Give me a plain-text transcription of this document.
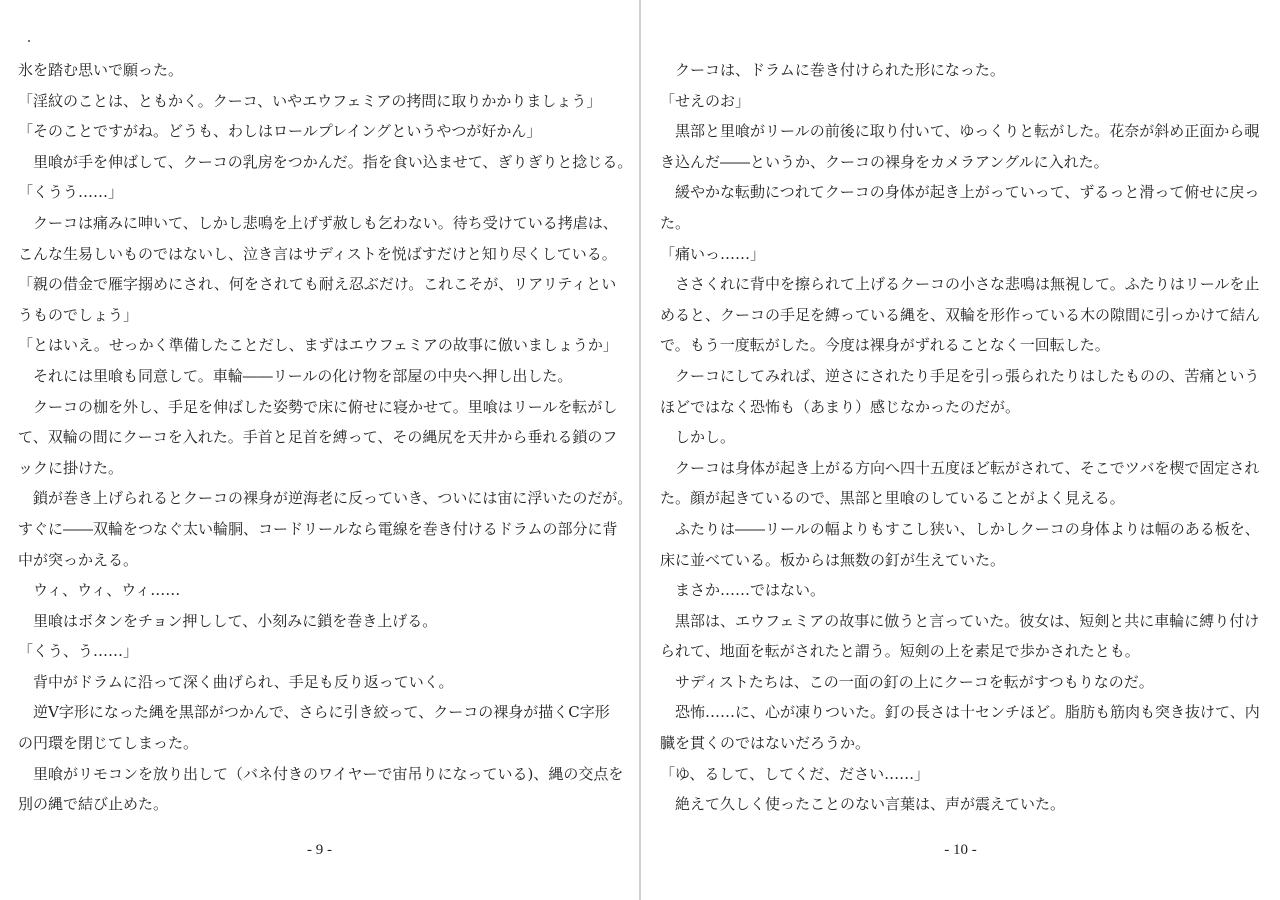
氷を踏む思いで願った。
「淫紋のことは、ともかく。クーコ、いやエウフェミアの拷問に取りかかりましょう」
「そのことですがね。どうも、わしはロールプレイングというやつが好かん」
　里喰が手を伸ばして、クーコの乳房をつかんだ。指を食い込ませて、ぎりぎりと捻じる。
「くうう……」
　クーコは痛みに呻いて、しかし悲鳴を上げず赦しも乞わない。待ち受けている拷虐は、
こんな生易しいものではないし、泣き言はサディストを悦ばすだけと知り尽くしている。
「親の借金で雁字搦めにされ、何をされても耐え忍ぶだけ。これこそが、リアリティとい
うものでしょう」
「とはいえ。せっかく準備したことだし、まずはエウフェミアの故事に倣いましょうか」
　それには里喰も同意して。車輪――リールの化け物を部屋の中央へ押し出した。
　クーコの枷を外し、手足を伸ばした姿勢で床に俯せに寝かせて。里喰はリールを転がし
て、双輪の間にクーコを入れた。手首と足首を縛って、その縄尻を天井から垂れる鎖のフ
ックに掛けた。
　鎖が巻き上げられるとクーコの裸身が逆海老に反っていき、ついには宙に浮いたのだが。
すぐに――双輪をつなぐ太い輪胴、コードリールなら電線を巻き付けるドラムの部分に背
中が突っかえる。
　ウィ、ウィ、ウィ……
　里喰はボタンをチョン押しして、小刻みに鎖を巻き上げる。
「くう、う……」
　背中がドラムに沿って深く曲げられ、手足も反り返っていく。
　逆V字形になった縄を黒部がつかんで、さらに引き絞って、クーコの裸身が描くC字形
の円環を閉じてしまった。
　里喰がリモコンを放り出して（バネ付きのワイヤーで宙吊りになっている)、縄の交点を
別の縄で結び止めた。
- 9 -
　クーコは、ドラムに巻き付けられた形になった。
「せえのお」
　黒部と里喰がリールの前後に取り付いて、ゆっくりと転がした。花奈が斜め正面から覗
き込んだ――というか、クーコの裸身をカメラアングルに入れた。
　緩やかな転動につれてクーコの身体が起き上がっていって、ずるっと滑って俯せに戻っ
た。
「痛いっ……」
　ささくれに背中を擦られて上げるクーコの小さな悲鳴は無視して。ふたりはリールを止
めると、クーコの手足を縛っている縄を、双輪を形作っている木の隙間に引っかけて結ん
で。もう一度転がした。今度は裸身がずれることなく一回転した。
　クーコにしてみれば、逆さにされたり手足を引っ張られたりはしたものの、苦痛という
ほどではなく恐怖も（あまり）感じなかったのだが。
　しかし。
　クーコは身体が起き上がる方向へ四十五度ほど転がされて、そこでツバを楔で固定され
た。顔が起きているので、黒部と里喰のしていることがよく見える。
　ふたりは――リールの幅よりもすこし狭い、しかしクーコの身体よりは幅のある板を、
床に並べている。板からは無数の釘が生えていた。
　まさか……ではない。
　黒部は、エウフェミアの故事に倣うと言っていた。彼女は、短剣と共に車輪に縛り付け
られて、地面を転がされたと謂う。短剣の上を素足で歩かされたとも。
　サディストたちは、この一面の釘の上にクーコを転がすつもりなのだ。
　恐怖……に、心が凍りついた。釘の長さは十センチほど。脂肪も筋肉も突き抜けて、内
臓を貫くのではないだろうか。
「ゆ、るして、してくだ、ださい……」
　絶えて久しく使ったことのない言葉は、声が震えていた。
- 10 -
